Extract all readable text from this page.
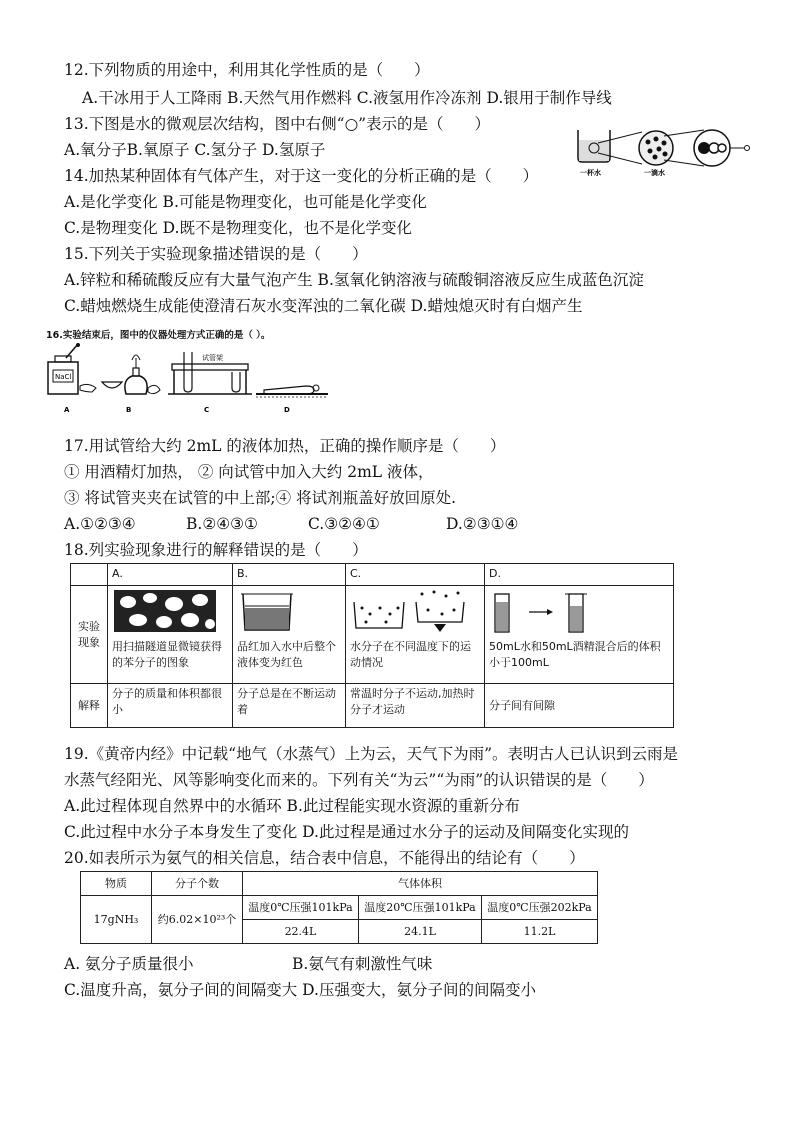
12.下列物质的用途中，利用其化学性质的是（　　）
A.干冰用于人工降雨 B.天然气用作燃料 C.液氢用作冷冻剂 D.银用于制作导线
13.下图是水的微观层次结构，图中右侧“○”表示的是（　　）
A.氧分子B.氧原子 C.氢分子 D.氢原子
一杯水	一滴水
14.加热某种固体有气体产生，对于这一变化的分析正确的是（　　）
A.是化学变化 B.可能是物理变化，也可能是化学变化
C.是物理变化 D.既不是物理变化，也不是化学变化
15.下列关于实验现象描述错误的是（　　）
A.锌粒和稀硫酸反应有大量气泡产生 B.氢氧化钠溶液与硫酸铜溶液反应生成蓝色沉淀
C.蜡烛燃烧生成能使澄清石灰水变浑浊的二氧化碳 D.蜡烛熄灭时有白烟产生
16.实验结束后，图中的仪器处理方式正确的是（ ）。
NaCl
试管架
A	B	C	D
17.用试管给大约 2mL 的液体加热，正确的操作顺序是（　　）
① 用酒精灯加热， ② 向试管中加入大约 2mL 液体，
③ 将试管夹夹在试管的中上部;④ 将试剂瓶盖好放回原处.
A.①②③④	B.②④③①	C.③②④①	D.②③①④
18.列实验现象进行的解释错误的是（　　）
	A.	B.	C.	D.
实验现象	用扫描隧道显微镜获得的苯分子的图象	品红加入水中后整个液体变为红色	水分子在不同温度下的运动情况	50mL水和50mL酒精混合后的体积小于100mL

解释	分子的质量和体积都很小	分子总是在不断运动着	常温时分子不运动,加热时分子才运动	分子间有间隙
19.《黄帝内经》中记载“地气（水蒸气）上为云，天气下为雨”。表明古人已认识到云雨是
水蒸气经阳光、风等影响变化而来的。下列有关“为云”“为雨”的认识错误的是（　　）
A.此过程体现自然界中的水循环 B.此过程能实现水资源的重新分布
C.此过程中水分子本身发生了变化 D.此过程是通过水分子的运动及间隔变化实现的
20.如表所示为氨气的相关信息，结合表中信息，不能得出的结论有（　　）
物质	分子个数	气体体积		
17gNH₃	约6.02×10²³个	温度0℃压强101kPa	温度20℃压强101kPa	温度0℃压强202kPa
		22.4L	24.1L	11.2L
A. 氨分子质量很小	B.氨气有刺激性气味
C.温度升高，氨分子间的间隔变大 D.压强变大，氨分子间的间隔变小
